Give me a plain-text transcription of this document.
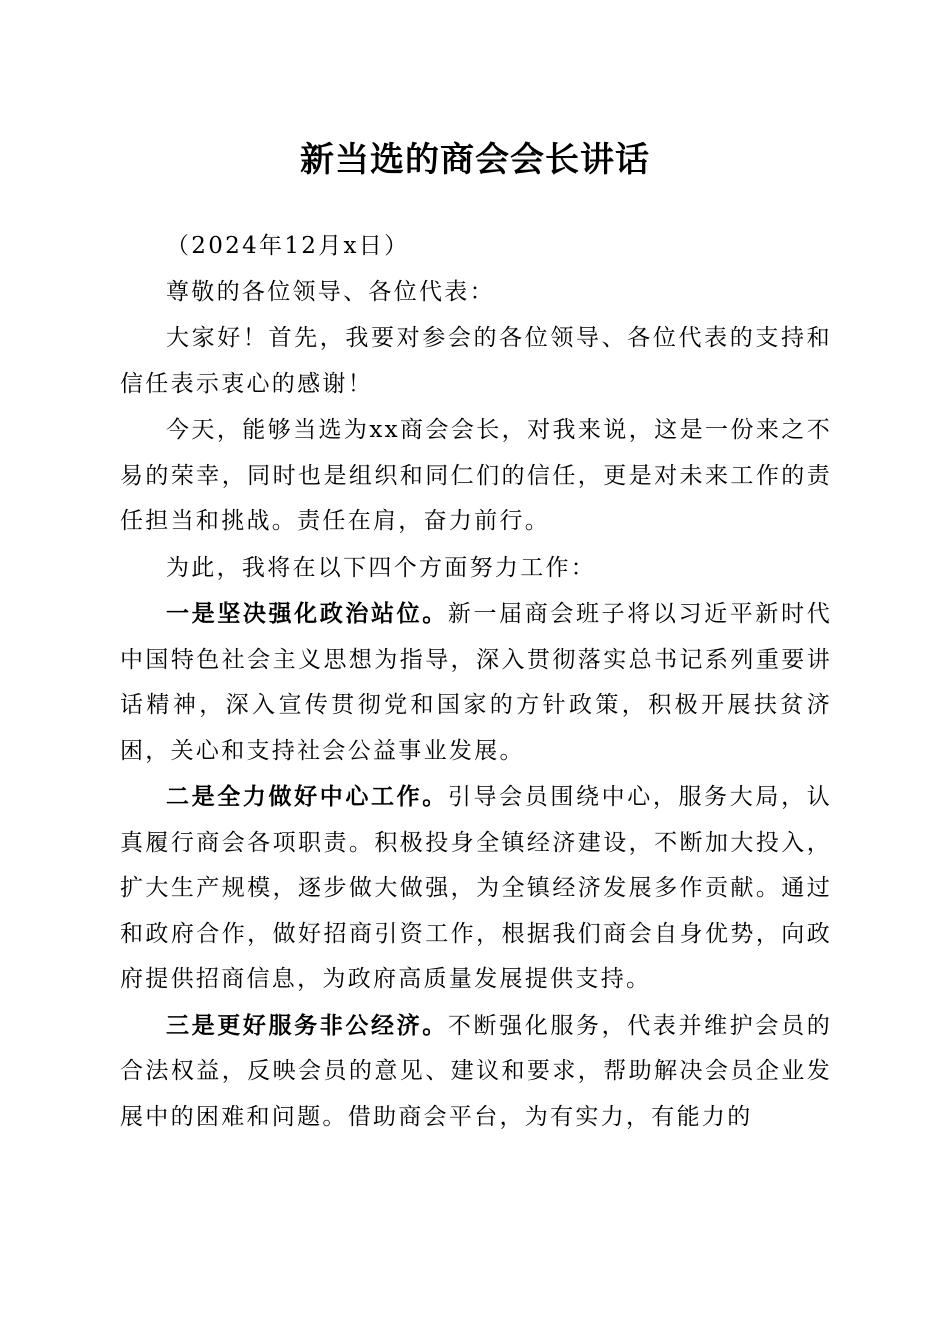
新当选的商会会长讲话

（2024年12月x日）

尊敬的各位领导、各位代表：

大家好！首先，我要对参会的各位领导、各位代表的支持和信任表示衷心的感谢！

今天，能够当选为xx商会会长，对我来说，这是一份来之不易的荣幸，同时也是组织和同仁们的信任，更是对未来工作的责任担当和挑战。责任在肩，奋力前行。

为此，我将在以下四个方面努力工作：

一是坚决强化政治站位。新一届商会班子将以习近平新时代中国特色社会主义思想为指导，深入贯彻落实总书记系列重要讲话精神，深入宣传贯彻党和国家的方针政策，积极开展扶贫济困，关心和支持社会公益事业发展。

二是全力做好中心工作。引导会员围绕中心，服务大局，认真履行商会各项职责。积极投身全镇经济建设，不断加大投入，扩大生产规模，逐步做大做强，为全镇经济发展多作贡献。通过和政府合作，做好招商引资工作，根据我们商会自身优势，向政府提供招商信息，为政府高质量发展提供支持。

三是更好服务非公经济。不断强化服务，代表并维护会员的合法权益，反映会员的意见、建议和要求，帮助解决会员企业发展中的困难和问题。借助商会平台，为有实力，有能力的
